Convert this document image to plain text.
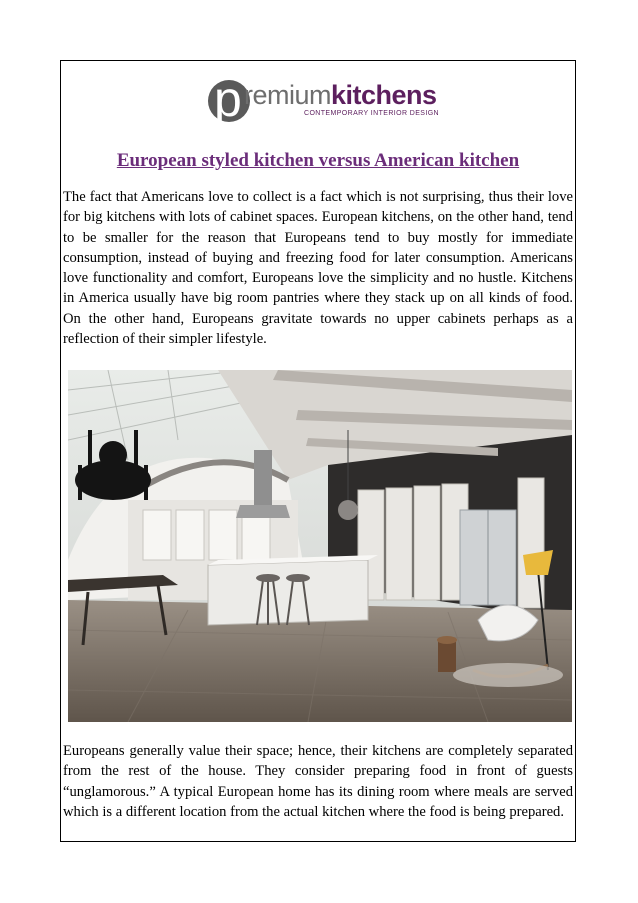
p remiumkitchens
CONTEMPORARY INTERIOR DESIGN
European styled kitchen versus American kitchen

The fact that Americans love to collect is a fact which is not surprising, thus their love for big kitchens with lots of cabinet spaces. European kitchens, on the other hand, tend to be smaller for the reason that Europeans tend to buy mostly for immediate consumption, instead of buying and freezing food for later consumption. Americans love functionality and comfort, Europeans love the simplicity and no hustle. Kitchens in America usually have big room pantries where they stack up on all kinds of food. On the other hand, Europeans gravitate towards no upper cabinets perhaps as a reflection of their simpler lifestyle.

Europeans generally value their space; hence, their kitchens are completely separated from the rest of the house. They consider preparing food in front of guests “unglamorous.” A typical European home has its dining room where meals are served which is a different location from the actual kitchen where the food is being prepared.
